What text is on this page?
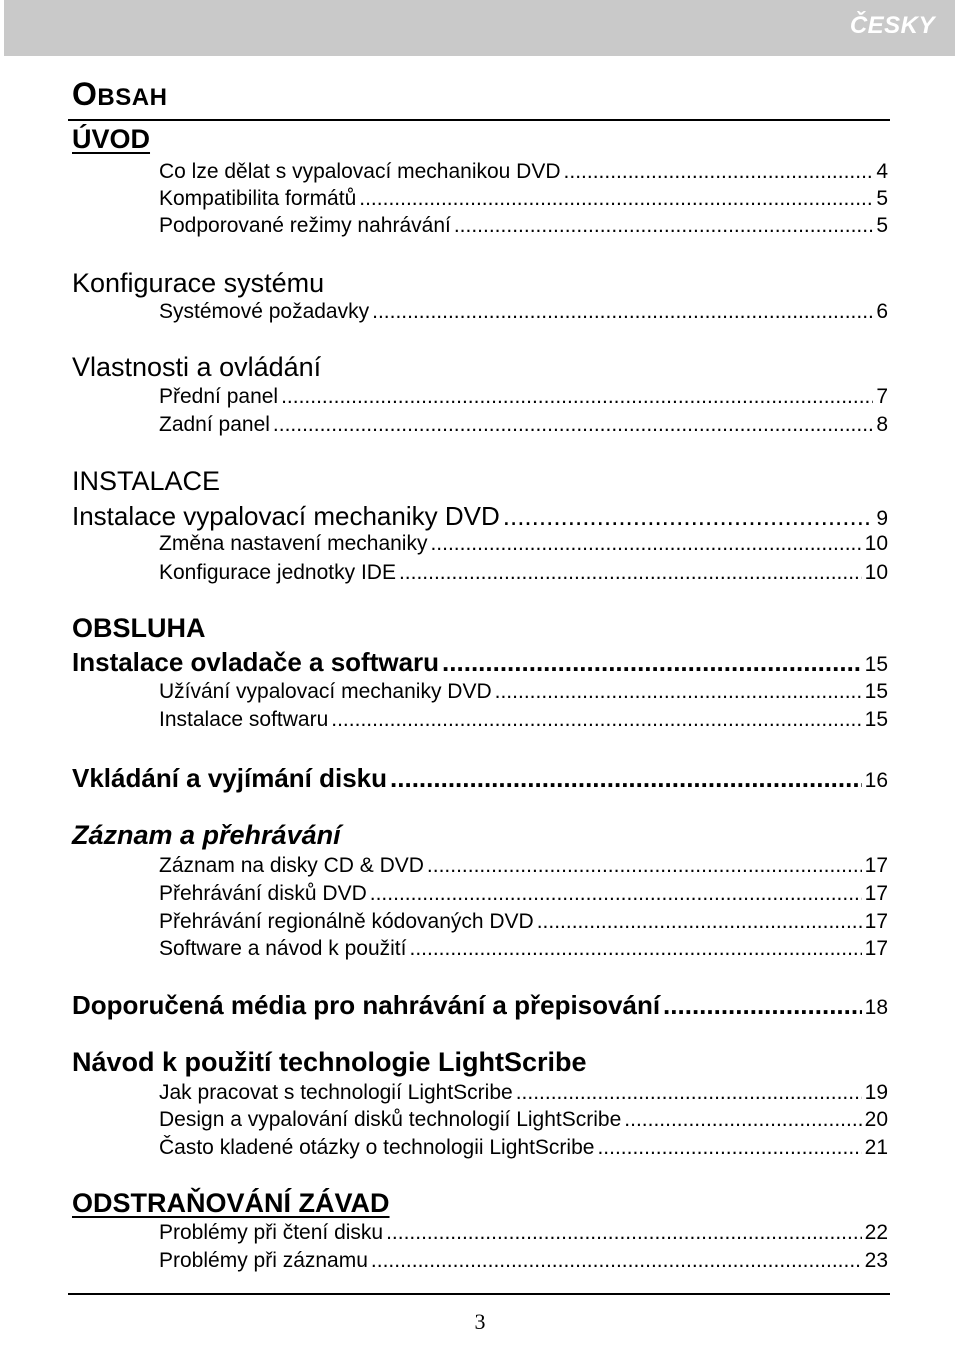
ČESKY
OBSAH
ÚVOD
Co lze dělat s vypalovací mechanikou DVD .....	4
Kompatibilita formátů .....	5
Podporované režimy nahrávání .....	5
Konfigurace systému
Systémové požadavky .....	6
Vlastnosti a ovládání
Přední panel .....	7
Zadní panel .....	8
INSTALACE
Instalace vypalovací mechaniky DVD .....	9
Změna nastavení mechaniky .....	10
Konfigurace jednotky IDE .....	10
OBSLUHA
Instalace ovladače a softwaru .....	15
Užívání vypalovací mechaniky DVD .....	15
Instalace softwaru .....	15
Vkládání a vyjímání disku .....	16
Záznam a přehrávání
Záznam na disky CD & DVD .....	17
Přehrávání disků DVD .....	17
Přehrávání regionálně kódovaných DVD .....	17
Software a návod k použití .....	17
Doporučená média pro nahrávání a přepisování .....	18
Návod k použití technologie LightScribe
Jak pracovat s technologií LightScribe .....	19
Design a vypalování disků technologií LightScribe .....	20
Často kladené otázky o technologii LightScribe .....	21
ODSTRAŇOVÁNÍ ZÁVAD
Problémy při čtení disku .....	22
Problémy při záznamu .....	23
3
